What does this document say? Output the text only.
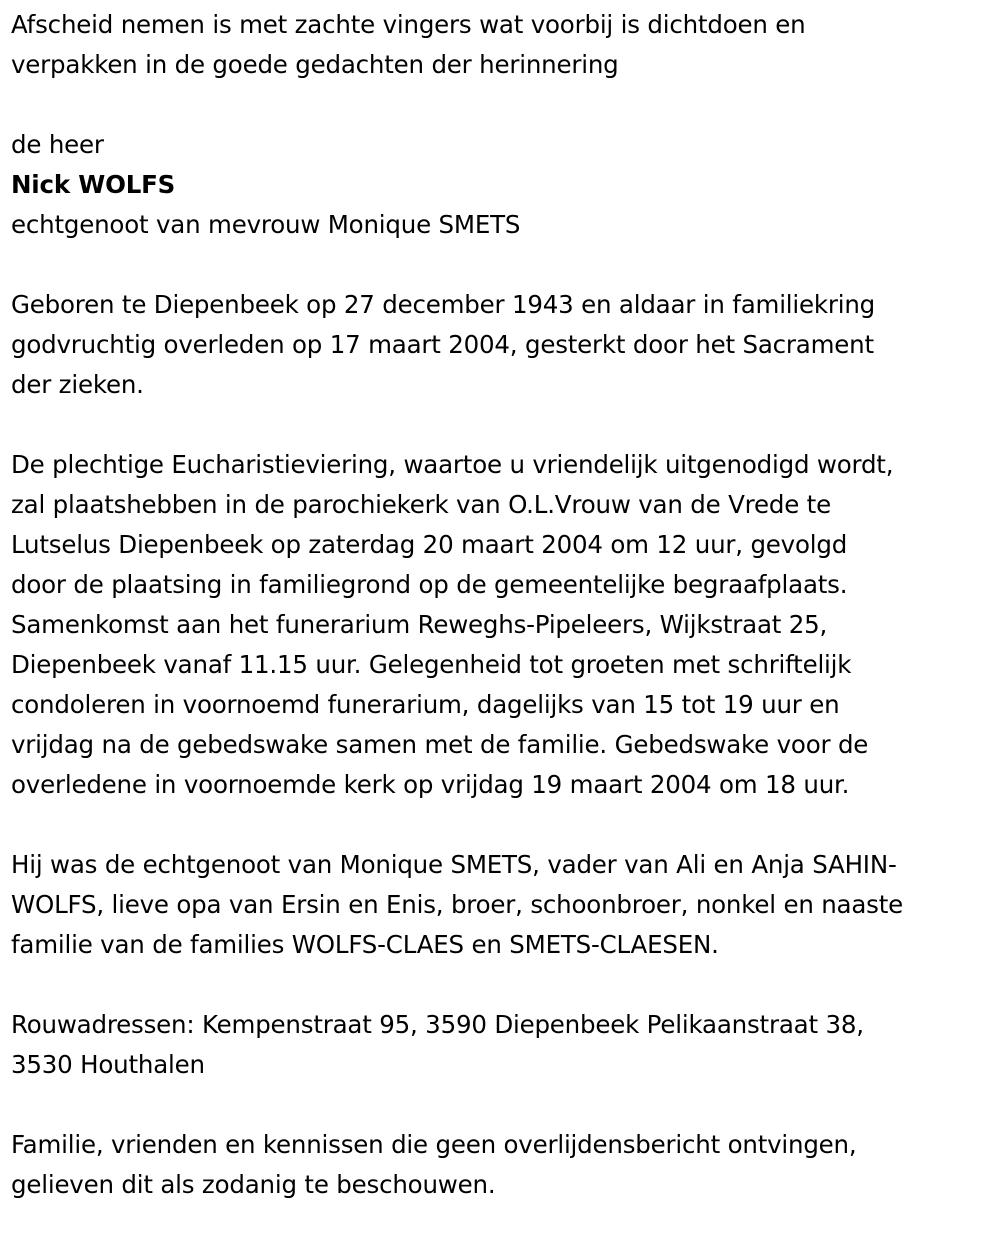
Afscheid nemen is met zachte vingers wat voorbij is dichtdoen en
verpakken in de goede gedachten der herinnering

de heer
Nick WOLFS
echtgenoot van mevrouw Monique SMETS

Geboren te Diepenbeek op 27 december 1943 en aldaar in familiekring
godvruchtig overleden op 17 maart 2004, gesterkt door het Sacrament
der zieken.

De plechtige Eucharistieviering, waartoe u vriendelijk uitgenodigd wordt,
zal plaatshebben in de parochiekerk van O.L.Vrouw van de Vrede te
Lutselus Diepenbeek op zaterdag 20 maart 2004 om 12 uur, gevolgd
door de plaatsing in familiegrond op de gemeentelijke begraafplaats.
Samenkomst aan het funerarium Reweghs-Pipeleers, Wijkstraat 25,
Diepenbeek vanaf 11.15 uur. Gelegenheid tot groeten met schriftelijk
condoleren in voornoemd funerarium, dagelijks van 15 tot 19 uur en
vrijdag na de gebedswake samen met de familie. Gebedswake voor de
overledene in voornoemde kerk op vrijdag 19 maart 2004 om 18 uur.

Hij was de echtgenoot van Monique SMETS, vader van Ali en Anja SAHIN-
WOLFS, lieve opa van Ersin en Enis, broer, schoonbroer, nonkel en naaste
familie van de families WOLFS-CLAES en SMETS-CLAESEN.

Rouwadressen: Kempenstraat 95, 3590 Diepenbeek Pelikaanstraat 38,
3530 Houthalen

Familie, vrienden en kennissen die geen overlijdensbericht ontvingen,
gelieven dit als zodanig te beschouwen.
